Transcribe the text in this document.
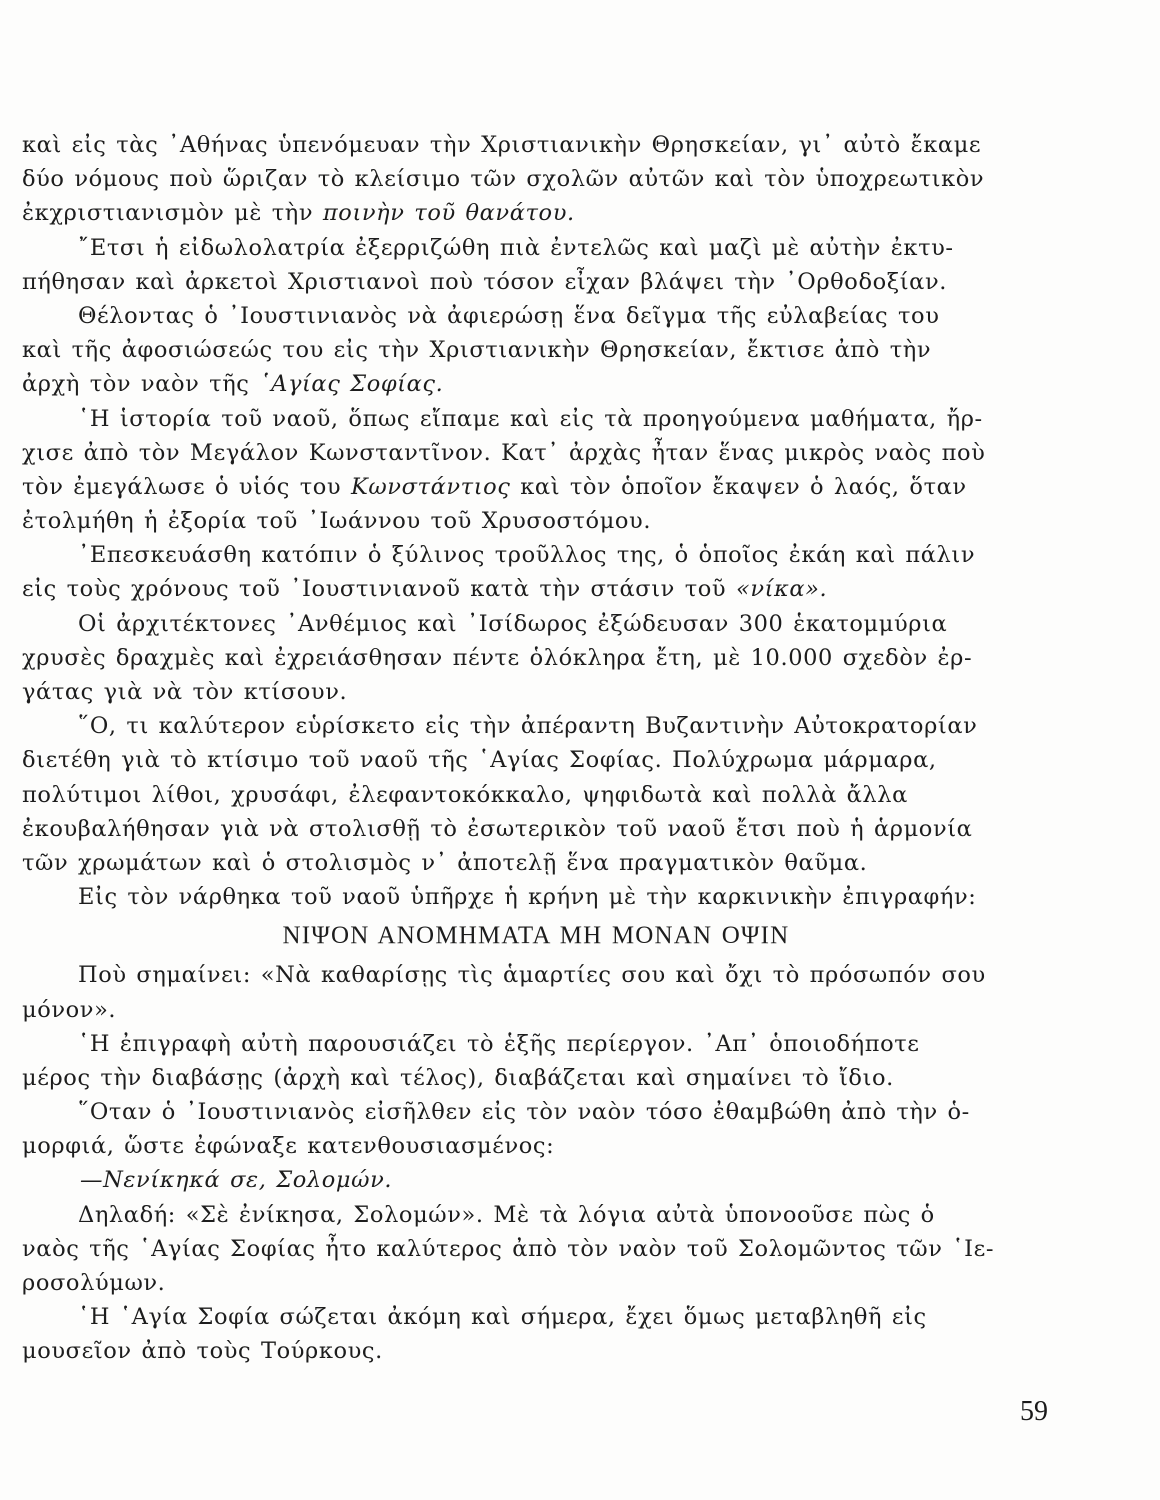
καὶ εἰς τὰς ᾿Αθήνας ὑπενόμευαν τὴν Χριστιανικὴν Θρησκείαν, γι᾿ αὐτὸ ἔκαμε
δύο νόμους ποὺ ὥριζαν τὸ κλείσιμο τῶν σχολῶν αὐτῶν καὶ τὸν ὑποχρεωτικὸν
ἐκχριστιανισμὸν μὲ τὴν ποινὴν τοῦ θανάτου.
῎Ετσι ἡ εἰδωλολατρία ἐξερριζώθη πιὰ ἐντελῶς καὶ μαζὶ μὲ αὐτὴν ἐκτυ-
πήθησαν καὶ ἀρκετοὶ Χριστιανοὶ ποὺ τόσον εἶχαν βλάψει τὴν ᾿Ορθοδοξίαν.
Θέλοντας ὁ ᾿Ιουστινιανὸς νὰ ἀφιερώσῃ ἕνα δεῖγμα τῆς εὐλαβείας του
καὶ τῆς ἀφοσιώσεώς του εἰς τὴν Χριστιανικὴν Θρησκείαν, ἔκτισε ἀπὸ τὴν
ἀρχὴ τὸν ναὸν τῆς ῾Αγίας Σοφίας.
῾Η ἱστορία τοῦ ναοῦ, ὅπως εἴπαμε καὶ εἰς τὰ προηγούμενα μαθήματα, ἤρ-
χισε ἀπὸ τὸν Μεγάλον Κωνσταντῖνον. Κατ᾿ ἀρχὰς ἦταν ἕνας μικρὸς ναὸς ποὺ
τὸν ἐμεγάλωσε ὁ υἱός του Κωνστάντιος καὶ τὸν ὁποῖον ἔκαψεν ὁ λαός, ὅταν
ἐτολμήθη ἡ ἐξορία τοῦ ᾿Ιωάννου τοῦ Χρυσοστόμου.
᾿Επεσκευάσθη κατόπιν ὁ ξύλινος τροῦλλος της, ὁ ὁποῖος ἐκάη καὶ πάλιν
εἰς τοὺς χρόνους τοῦ ᾿Ιουστινιανοῦ κατὰ τὴν στάσιν τοῦ «νίκα».
Οἱ ἀρχιτέκτονες ᾿Ανθέμιος καὶ ᾿Ισίδωρος ἐξώδευσαν 300 ἑκατομμύρια
χρυσὲς δραχμὲς καὶ ἐχρειάσθησαν πέντε ὁλόκληρα ἔτη, μὲ 10.000 σχεδὸν ἐρ-
γάτας γιὰ νὰ τὸν κτίσουν.
῞Ο, τι καλύτερον εὑρίσκετο εἰς τὴν ἀπέραντη Βυζαντινὴν Αὐτοκρατορίαν
διετέθη γιὰ τὸ κτίσιμο τοῦ ναοῦ τῆς ῾Αγίας Σοφίας. Πολύχρωμα μάρμαρα,
πολύτιμοι λίθοι, χρυσάφι, ἐλεφαντοκόκκαλο, ψηφιδωτὰ καὶ πολλὰ ἄλλα
ἐκουβαλήθησαν γιὰ νὰ στολισθῇ τὸ ἐσωτερικὸν τοῦ ναοῦ ἔτσι ποὺ ἡ ἁρμονία
τῶν χρωμάτων καὶ ὁ στολισμὸς ν᾿ ἀποτελῇ ἕνα πραγματικὸν θαῦμα.
Εἰς τὸν νάρθηκα τοῦ ναοῦ ὑπῆρχε ἡ κρήνη μὲ τὴν καρκινικὴν ἐπιγραφήν:
ΝΙΨΟΝ ΑΝΟΜΗΜΑΤΑ ΜΗ ΜΟΝΑΝ ΟΨΙΝ
Ποὺ σημαίνει: «Νὰ καθαρίσῃς τὶς ἁμαρτίες σου καὶ ὄχι τὸ πρόσωπόν σου
μόνον».
῾Η ἐπιγραφὴ αὐτὴ παρουσιάζει τὸ ἑξῆς περίεργον. ᾿Απ᾿ ὁποιοδήποτε
μέρος τὴν διαβάσῃς (ἀρχὴ καὶ τέλος), διαβάζεται καὶ σημαίνει τὸ ἴδιο.
῞Οταν ὁ ᾿Ιουστινιανὸς εἰσῆλθεν εἰς τὸν ναὸν τόσο ἐθαμβώθη ἀπὸ τὴν ὁ-
μορφιά, ὥστε ἐφώναξε κατενθουσιασμένος:
—Νενίκηκά σε, Σολομών.
Δηλαδή: «Σὲ ἐνίκησα, Σολομών». Μὲ τὰ λόγια αὐτὰ ὑπονοοῦσε πὼς ὁ
ναὸς τῆς ῾Αγίας Σοφίας ἦτο καλύτερος ἀπὸ τὸν ναὸν τοῦ Σολομῶντος τῶν ῾Ιε-
ροσολύμων.
῾Η ῾Αγία Σοφία σώζεται ἀκόμη καὶ σήμερα, ἔχει ὅμως μεταβληθῆ εἰς
μουσεῖον ἀπὸ τοὺς Τούρκους.
59
